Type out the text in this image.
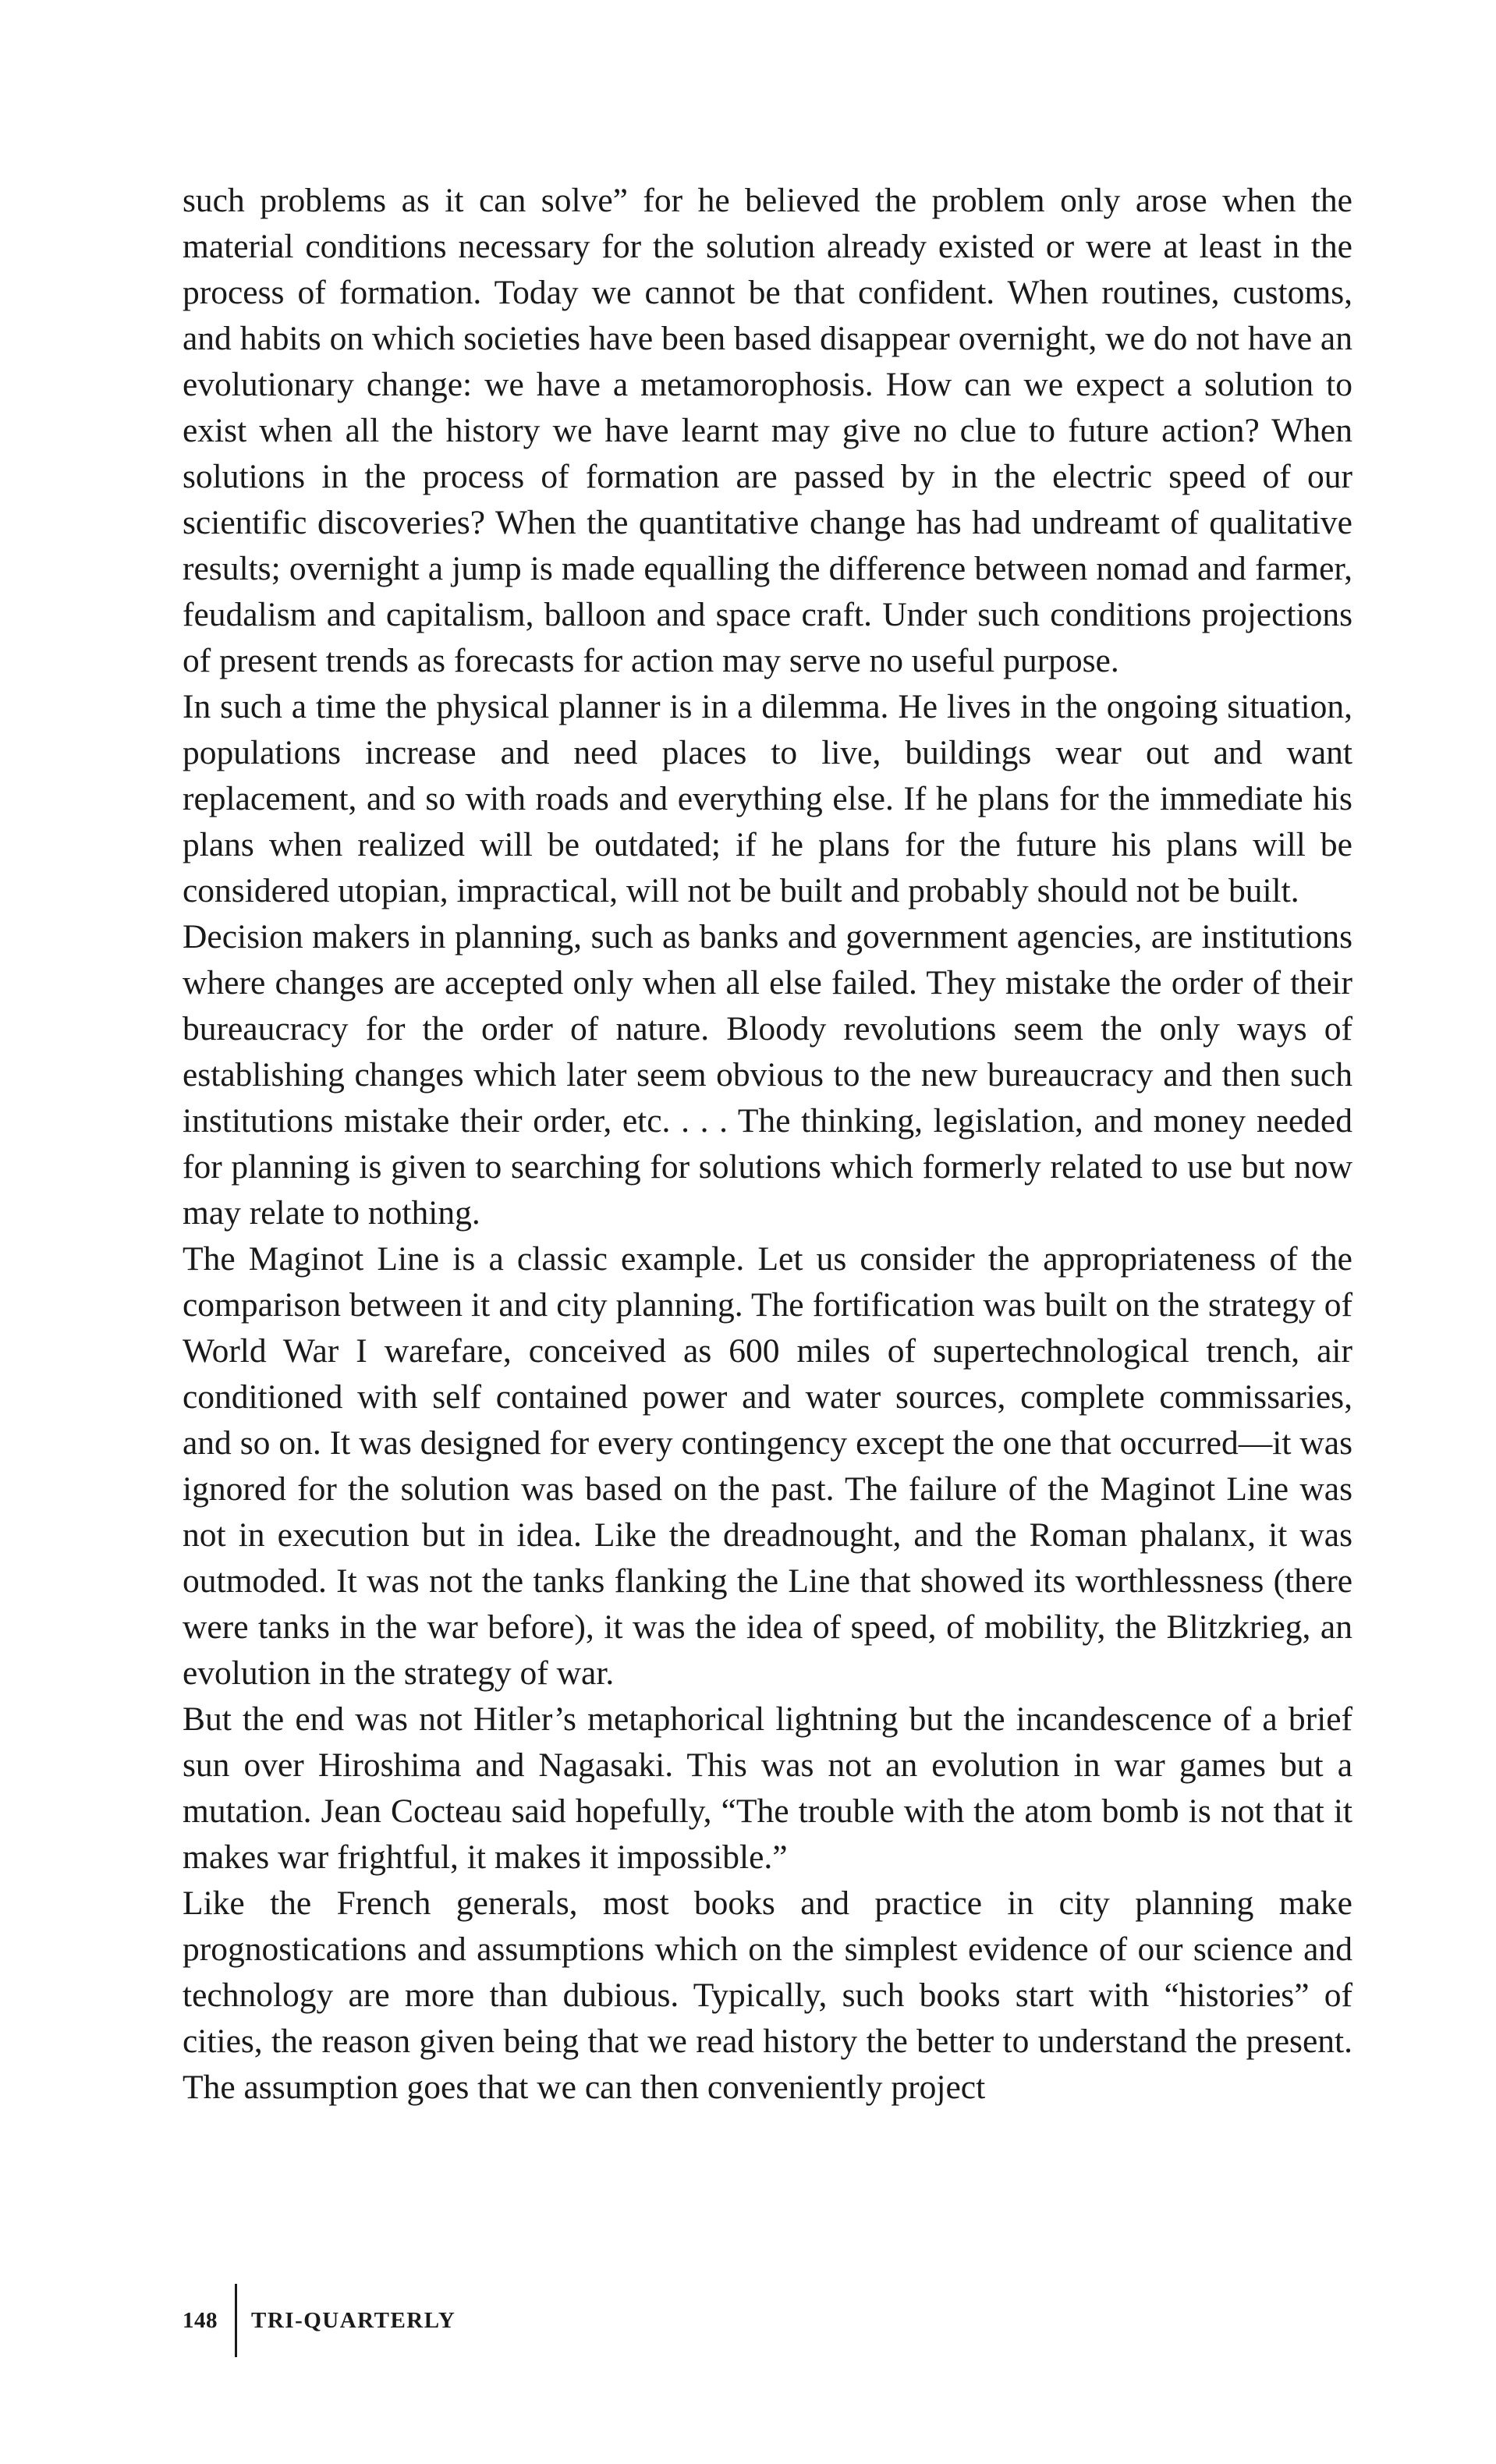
such problems as it can solve” for he believed the problem only arose when the material conditions necessary for the solution already existed or were at least in the process of formation. Today we cannot be that confident. When routines, customs, and habits on which societies have been based disappear overnight, we do not have an evolutionary change: we have a metamorophosis. How can we expect a solution to exist when all the history we have learnt may give no clue to future action? When solutions in the process of formation are passed by in the electric speed of our scientific discoveries? When the quantitative change has had undreamt of qualitative results; overnight a jump is made equalling the difference between nomad and farmer, feudalism and capitalism, balloon and space craft. Under such conditions projections of present trends as forecasts for action may serve no useful purpose.

In such a time the physical planner is in a dilemma. He lives in the ongoing situation, populations increase and need places to live, buildings wear out and want replacement, and so with roads and everything else. If he plans for the immediate his plans when realized will be outdated; if he plans for the future his plans will be considered utopian, impractical, will not be built and probably should not be built.

Decision makers in planning, such as banks and government agencies, are institutions where changes are accepted only when all else failed. They mistake the order of their bureaucracy for the order of nature. Bloody revolutions seem the only ways of establishing changes which later seem obvious to the new bureaucracy and then such institutions mistake their order, etc. . . . The thinking, legislation, and money needed for planning is given to searching for solutions which formerly related to use but now may relate to nothing.

The Maginot Line is a classic example. Let us consider the appropriateness of the comparison between it and city planning. The fortification was built on the strategy of World War I warefare, conceived as 600 miles of supertechnological trench, air conditioned with self contained power and water sources, complete commissaries, and so on. It was designed for every contingency except the one that occurred—it was ignored for the solution was based on the past. The failure of the Maginot Line was not in execution but in idea. Like the dreadnought, and the Roman phalanx, it was outmoded. It was not the tanks flanking the Line that showed its worthlessness (there were tanks in the war before), it was the idea of speed, of mobility, the Blitzkrieg, an evolution in the strategy of war.

But the end was not Hitler’s metaphorical lightning but the incandescence of a brief sun over Hiroshima and Nagasaki. This was not an evolution in war games but a mutation. Jean Cocteau said hopefully, “The trouble with the atom bomb is not that it makes war frightful, it makes it impossible.”

Like the French generals, most books and practice in city planning make prognostications and assumptions which on the simplest evidence of our science and technology are more than dubious. Typically, such books start with “histories” of cities, the reason given being that we read history the better to understand the present. The assumption goes that we can then conveniently project

148 TRI-QUARTERLY
